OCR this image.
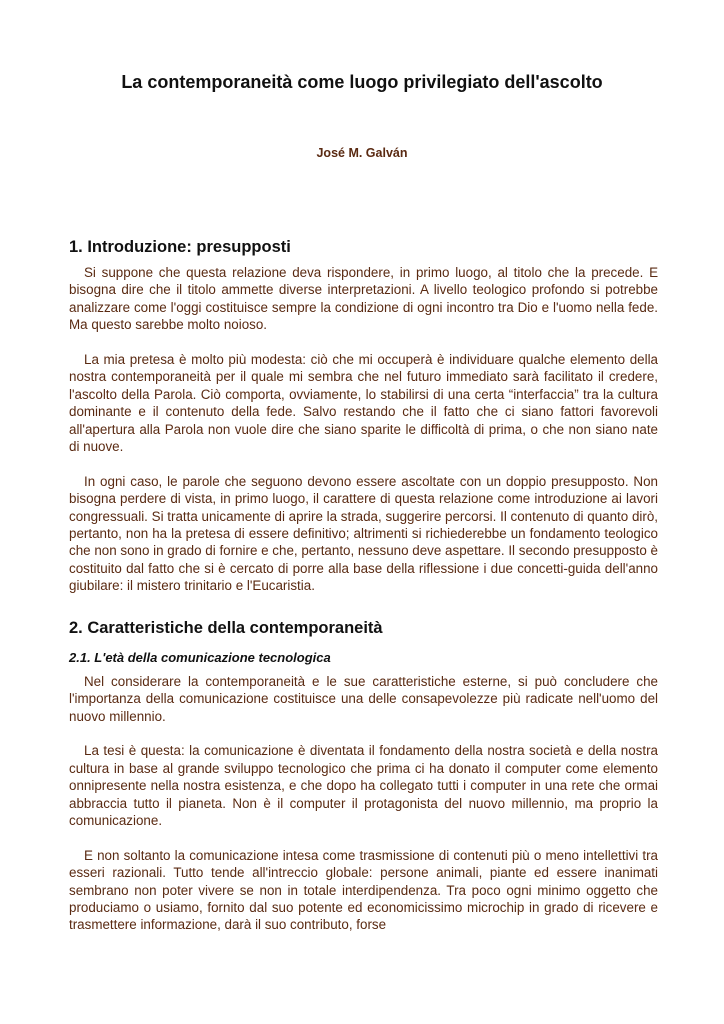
La contemporaneità come luogo privilegiato dell'ascolto
José M. Galván
1. Introduzione: presupposti

Si suppone che questa relazione deva rispondere, in primo luogo, al titolo che la precede. E bisogna dire che il titolo ammette diverse interpretazioni. A livello teologico profondo si potrebbe analizzare come l'oggi costituisce sempre la condizione di ogni incontro tra Dio e l'uomo nella fede. Ma questo sarebbe molto noioso.

La mia pretesa è molto più modesta: ciò che mi occuperà è individuare qualche elemento della nostra contemporaneità per il quale mi sembra che nel futuro immediato sarà facilitato il credere, l'ascolto della Parola. Ciò comporta, ovviamente, lo stabilirsi di una certa “interfaccia” tra la cultura dominante e il contenuto della fede. Salvo restando che il fatto che ci siano fattori favorevoli all'apertura alla Parola non vuole dire che siano sparite le difficoltà di prima, o che non siano nate di nuove.

In ogni caso, le parole che seguono devono essere ascoltate con un doppio presupposto. Non bisogna perdere di vista, in primo luogo, il carattere di questa relazione come introduzione ai lavori congressuali. Si tratta unicamente di aprire la strada, suggerire percorsi. Il contenuto di quanto dirò, pertanto, non ha la pretesa di essere definitivo; altrimenti si richiederebbe un fondamento teologico che non sono in grado di fornire e che, pertanto, nessuno deve aspettare. Il secondo presupposto è costituito dal fatto che si è cercato di porre alla base della riflessione i due concetti-guida dell'anno giubilare: il mistero trinitario e l'Eucaristia.

2. Caratteristiche della contemporaneità
2.1. L'età della comunicazione tecnologica

Nel considerare la contemporaneità e le sue caratteristiche esterne, si può concludere che l'importanza della comunicazione costituisce una delle consapevolezze più radicate nell'uomo del nuovo millennio.

La tesi è questa: la comunicazione è diventata il fondamento della nostra società e della nostra cultura in base al grande sviluppo tecnologico che prima ci ha donato il computer come elemento onnipresente nella nostra esistenza, e che dopo ha collegato tutti i computer in una rete che ormai abbraccia tutto il pianeta. Non è il computer il protagonista del nuovo millennio, ma proprio la comunicazione.

E non soltanto la comunicazione intesa come trasmissione di contenuti più o meno intellettivi tra esseri razionali. Tutto tende all'intreccio globale: persone animali, piante ed essere inanimati sembrano non poter vivere se non in totale interdipendenza. Tra poco ogni minimo oggetto che produciamo o usiamo, fornito dal suo potente ed economicissimo microchip in grado di ricevere e trasmettere informazione, darà il suo contributo, forse
